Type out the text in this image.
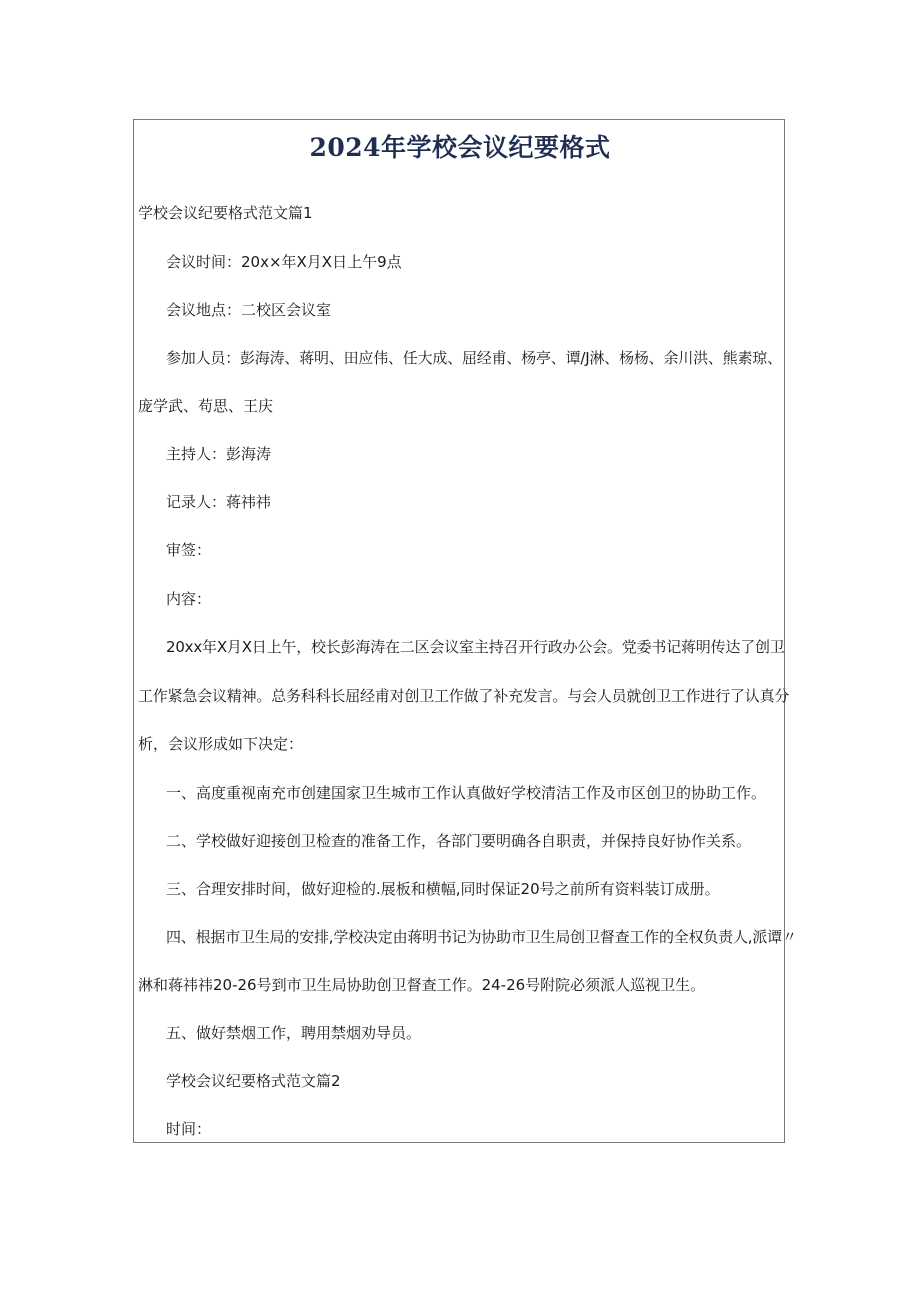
2024年学校会议纪要格式

学校会议纪要格式范文篇1

会议时间：20x×年X月X日上午9点

会议地点：二校区会议室

参加人员：彭海涛、蒋明、田应伟、任大成、屈经甫、杨亭、谭/J淋、杨杨、余川洪、熊素琼、

庞学武、苟思、王庆

主持人：彭海涛

记录人：蒋祎祎

审签：

内容：

20xx年X月X日上午，校长彭海涛在二区会议室主持召开行政办公会。党委书记蒋明传达了创卫

工作紧急会议精神。总务科科长屈经甫对创卫工作做了补充发言。与会人员就创卫工作进行了认真分

析，会议形成如下决定：

一、高度重视南充市创建国家卫生城市工作认真做好学校清洁工作及市区创卫的协助工作。

二、学校做好迎接创卫检查的准备工作，各部门要明确各自职责，并保持良好协作关系。

三、合理安排时间，做好迎检的.展板和横幅,同时保证20号之前所有资料装订成册。

四、根据市卫生局的安排,学校决定由蒋明书记为协助市卫生局创卫督查工作的全权负责人,派谭〃

淋和蒋祎祎20-26号到市卫生局协助创卫督查工作。24-26号附院必须派人巡视卫生。

五、做好禁烟工作，聘用禁烟劝导员。

学校会议纪要格式范文篇2

时间：
